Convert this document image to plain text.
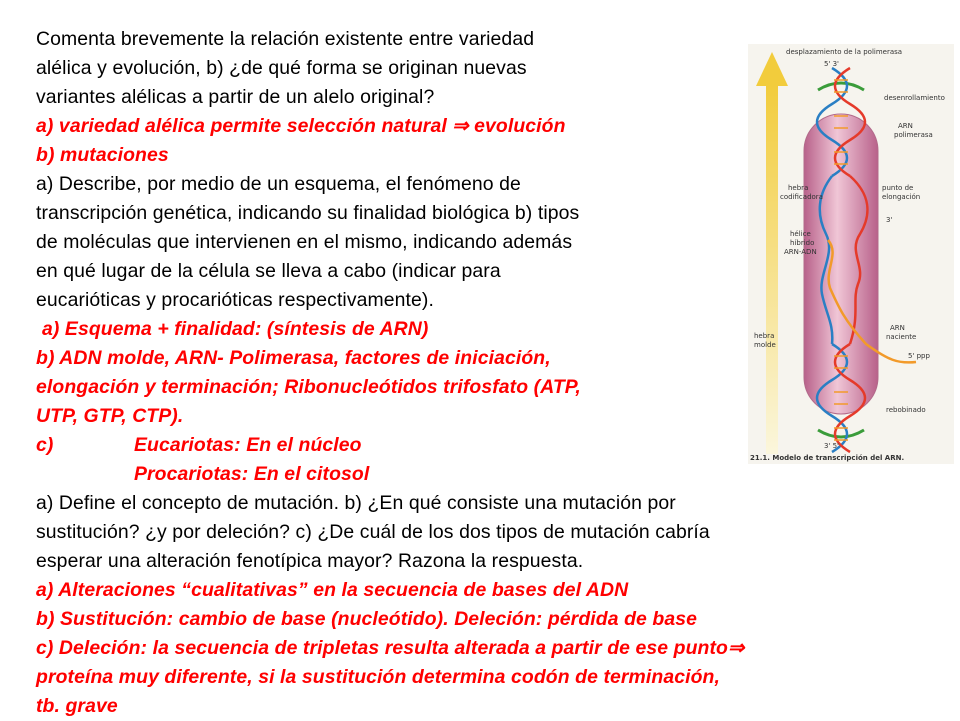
Comenta brevemente la relación existente entre variedad
alélica y evolución, b) ¿de qué forma se originan nuevas
variantes alélicas a partir de un alelo original?
a) variedad alélica permite selección natural ⇒ evolución
b) mutaciones
a) Describe, por medio de un esquema, el fenómeno de
transcripción genética, indicando su finalidad biológica b) tipos
de moléculas que intervienen en el mismo, indicando además
en qué lugar de la célula se lleva a cabo (indicar para
eucarióticas y procarióticas respectivamente).
a) Esquema + finalidad: (síntesis de ARN)
b) ADN molde, ARN- Polimerasa, factores de iniciación,
elongación y terminación; Ribonucleótidos trifosfato (ATP,
UTP, GTP, CTP).
c)	Eucariotas: En el núcleo
Procariotas: En el citosol
a) Define el concepto de mutación. b) ¿En qué consiste una mutación por
sustitución? ¿y por deleción? c) ¿De cuál de los dos tipos de mutación cabría
esperar una alteración fenotípica mayor? Razona la respuesta.
a) Alteraciones “cualitativas” en la secuencia de bases del ADN
b) Sustitución: cambio de base (nucleótido). Deleción: pérdida de base
c) Deleción: la secuencia de tripletas resulta alterada a partir de ese punto⇒
proteína muy diferente, si la sustitución determina codón de terminación,
tb. grave
desplazamiento de la polimerasa
5' 3'
desenrollamiento
ARN
polimerasa
hebra
codificadora
punto de
elongación
3'
hélice
híbrido
ARN-ADN
hebra
molde
ARN
naciente
5' ppp
rebobinado
3' 5'
21.1. Modelo de transcripción del ARN.
